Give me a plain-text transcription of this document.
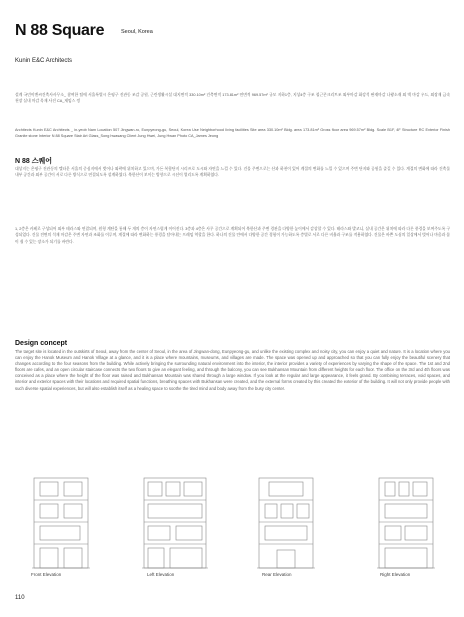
N 88 Square	Seoul, Korea
Kunin E&C Architects
설계 국민이앤씨건축사사무소_ 참여한 팀에 서울특별시 은평구 진관동 조감 공원, 근린생활시설 대지면적 330.10m² 건축면적 173.81m² 연면적 969.57m² 규모 지하1층, 지상4층 구조 철근콘크리트조 외부마감 화강석 판재마감 나왕소재 외 벽 마감 우드, 외장재 금속 천장 실내 마감 목재 사진 CA_제임스 정
Architects Kunin E&C Architects _ in-yeob Nam Location 507 Jingwan-ro, Eunpyeong-gu, Seoul, Korea Use Neighborhood living facilities Site area 330.10m² Bldg. area 173.81m² Gross floor area 969.57m² Bldg. Scale B1F, 4F Structure RC Exterior Finish Granite stone Interior N 88 Square Stair Art Glass_Song hwasang Client Jung Hwei, Jung Hwan Photo CA_James Jeong
N 88 스퀘어
대상지는 은평구 진관동의 엘타운 서울의 중심지에서 벗어나 외곽에 위치하고 있으며, 가든 복합단지 시리즈로 도시와 자연을 느낄 수 있다. 건물 주변으로는 산과 하천이 있어 계절의 변화를 느낄 수 있으며 주변 단지와 공원을 즐길 수 있다. 계절의 변화에 따라 건축물 내부 공간과 외부 공간이 서로 다른 방식으로 연결되도록 설계하였다. 북한산이 보이는 방향으로 시선이 열리도록 계획하였다.
1, 2층은 카페로 구성되어 외부 테라스와 연결되며, 원형 계단을 통해 두 개의 층이 자연스럽게 이어진다. 3층과 4층은 사무 공간으로 계획되어 북한산과 주변 경관을 다양한 높이에서 감상할 수 있다. 테라스와 발코니, 실내 공간은 위치에 따라 다른 풍경을 보여주도록 구성되었다. 건물 전면의 석재 마감은 주변 자연과 조화를 이루며, 계절에 따라 변화하는 풍경을 담아내는 프레임 역할을 한다. 하나의 건물 안에서 다양한 공간 경험이 가능하도록 층별로 서로 다른 비율과 구조를 적용하였다. 건물은 바쁜 도심의 일상에서 벗어나 마음과 몸이 쉴 수 있는 장소가 되기를 바란다.
Design concept
The target site is located in the outskirts of Seoul, away from the center of Seoul, in the area of Jingwan-dong, Eunpyeong-gu, and unlike the existing complex and noisy city, you can enjoy a quiet and nature. It is a location where you can enjoy the Hanok Museum and Hanok Village at a glance, and it is a place where mountains, museums, and villages are made. The space was opened up and approached so that you can fully enjoy the beautiful scenery that changes according to the four seasons from the building. While actively bringing the surrounding natural environment into the interior, the interior provides a variety of experiences by varying the shape of the space. The 1st and 2nd floors are cafes, and an open circular staircase connects the two floors to give an elegant feeling, and through the balcony, you can see Bukhansan Mountain from different heights for each floor. The office on the 3rd and 4th floors was conceived as a place where the height of the floor was raised and Bukhansan Mountain was shared through a large window. If you look at the regular and large appearance, it feels grand. By combining terraces, void spaces, and interior and exterior spaces with their locations and required spatial functions, breathing spaces with Bukhansan were created, and the external forms created by this created the exterior of the building. It will not only provide people with such diverse spatial experiences, but will also establish itself as a healing space to soothe the tired mind and body away from the busy city center.
Front Elevation	Left Elevation	Rear Elevation	Right Elevation
110
